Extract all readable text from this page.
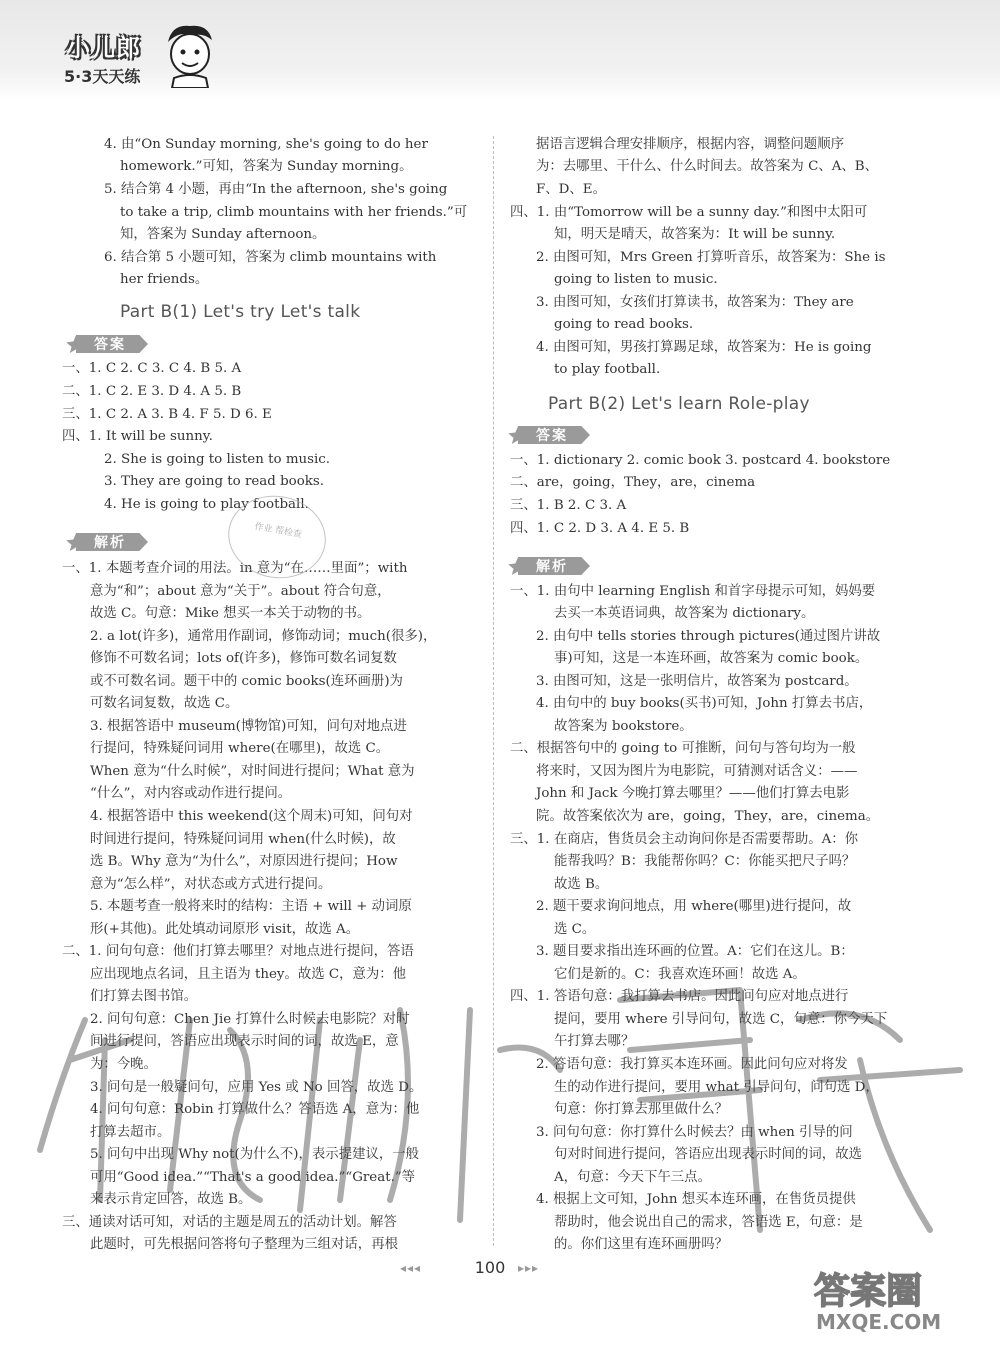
小儿郎
5·3天天练
4. 由“On Sunday morning, she's going to do her
homework.”可知，答案为 Sunday morning。
5. 结合第 4 小题，再由“In the afternoon, she's going
to take a trip, climb mountains with her friends.”可
知，答案为 Sunday afternoon。
6. 结合第 5 小题可知，答案为 climb mountains with
her friends。
Part B(1) Let's try Let's talk
答案
一、1. C 2. C 3. C 4. B 5. A
二、1. C 2. E 3. D 4. A 5. B
三、1. C 2. A 3. B 4. F 5. D 6. E
四、1. It will be sunny.
2. She is going to listen to music.
3. They are going to read books.
4. He is going to play football.
解析
一、1. 本题考查介词的用法。in 意为“在……里面”；with
意为“和”；about 意为“关于”。about 符合句意，
故选 C。句意：Mike 想买一本关于动物的书。
2. a lot(许多)，通常用作副词，修饰动词；much(很多)，
修饰不可数名词；lots of(许多)，修饰可数名词复数
或不可数名词。题干中的 comic books(连环画册)为
可数名词复数，故选 C。
3. 根据答语中 museum(博物馆)可知，问句对地点进
行提问，特殊疑问词用 where(在哪里)，故选 C。
When 意为“什么时候”，对时间进行提问；What 意为
“什么”，对内容或动作进行提问。
4. 根据答语中 this weekend(这个周末)可知，问句对
时间进行提问，特殊疑问词用 when(什么时候)，故
选 B。Why 意为“为什么”，对原因进行提问；How
意为“怎么样”，对状态或方式进行提问。
5. 本题考查一般将来时的结构：主语 + will + 动词原
形(+其他)。此处填动词原形 visit，故选 A。
二、1. 问句句意：他们打算去哪里？对地点进行提问，答语
应出现地点名词，且主语为 they。故选 C，意为：他
们打算去图书馆。
2. 问句句意：Chen Jie 打算什么时候去电影院？对时
间进行提问，答语应出现表示时间的词，故选 E，意
为：今晚。
3. 问句是一般疑问句，应用 Yes 或 No 回答，故选 D。
4. 问句句意：Robin 打算做什么？答语选 A，意为：他
打算去超市。
5. 问句中出现 Why not(为什么不)，表示提建议，一般
可用“Good idea.”“That's a good idea.”“Great.”等
来表示肯定回答，故选 B。
三、通读对话可知，对话的主题是周五的活动计划。解答
此题时，可先根据问答将句子整理为三组对话，再根
作业 帮检查
据语言逻辑合理安排顺序，根据内容，调整问题顺序
为：去哪里、干什么、什么时间去。故答案为 C、A、B、
F、D、E。
四、1. 由“Tomorrow will be a sunny day.”和图中太阳可
知，明天是晴天，故答案为：It will be sunny.
2. 由图可知，Mrs Green 打算听音乐，故答案为：She is
going to listen to music.
3. 由图可知，女孩们打算读书，故答案为：They are
going to read books.
4. 由图可知，男孩打算踢足球，故答案为：He is going
to play football.
Part B(2) Let's learn Role-play
答案
一、1. dictionary 2. comic book 3. postcard 4. bookstore
二、are，going，They，are，cinema
三、1. B 2. C 3. A
四、1. C 2. D 3. A 4. E 5. B
解析
一、1. 由句中 learning English 和首字母提示可知，妈妈要
去买一本英语词典，故答案为 dictionary。
2. 由句中 tells stories through pictures(通过图片讲故
事)可知，这是一本连环画，故答案为 comic book。
3. 由图可知，这是一张明信片，故答案为 postcard。
4. 由句中的 buy books(买书)可知，John 打算去书店，
故答案为 bookstore。
二、根据答句中的 going to 可推断，问句与答句均为一般
将来时，又因为图片为电影院，可猜测对话含义：——
John 和 Jack 今晚打算去哪里？——他们打算去电影
院。故答案依次为 are，going，They，are，cinema。
三、1. 在商店，售货员会主动询问你是否需要帮助。A：你
能帮我吗？B：我能帮你吗？C：你能买把尺子吗？
故选 B。
2. 题干要求询问地点，用 where(哪里)进行提问，故
选 C。
3. 题目要求指出连环画的位置。A：它们在这儿。B：
它们是新的。C：我喜欢连环画！故选 A。
四、1. 答语句意：我打算去书店。因此问句应对地点进行
提问，要用 where 引导问句，故选 C，句意：你今天下
午打算去哪？
2. 答语句意：我打算买本连环画。因此问句应对将发
生的动作进行提问，要用 what 引导问句，问句选 D，
句意：你打算去那里做什么？
3. 问句句意：你打算什么时候去？由 when 引导的问
句对时间进行提问，答语应出现表示时间的词，故选
A，句意：今天下午三点。
4. 根据上文可知，John 想买本连环画，在售货员提供
帮助时，他会说出自己的需求，答语选 E，句意：是
的。你们这里有连环画册吗？
◂◂◂	100	▸▸▸
答案圈
MXQE.COM
